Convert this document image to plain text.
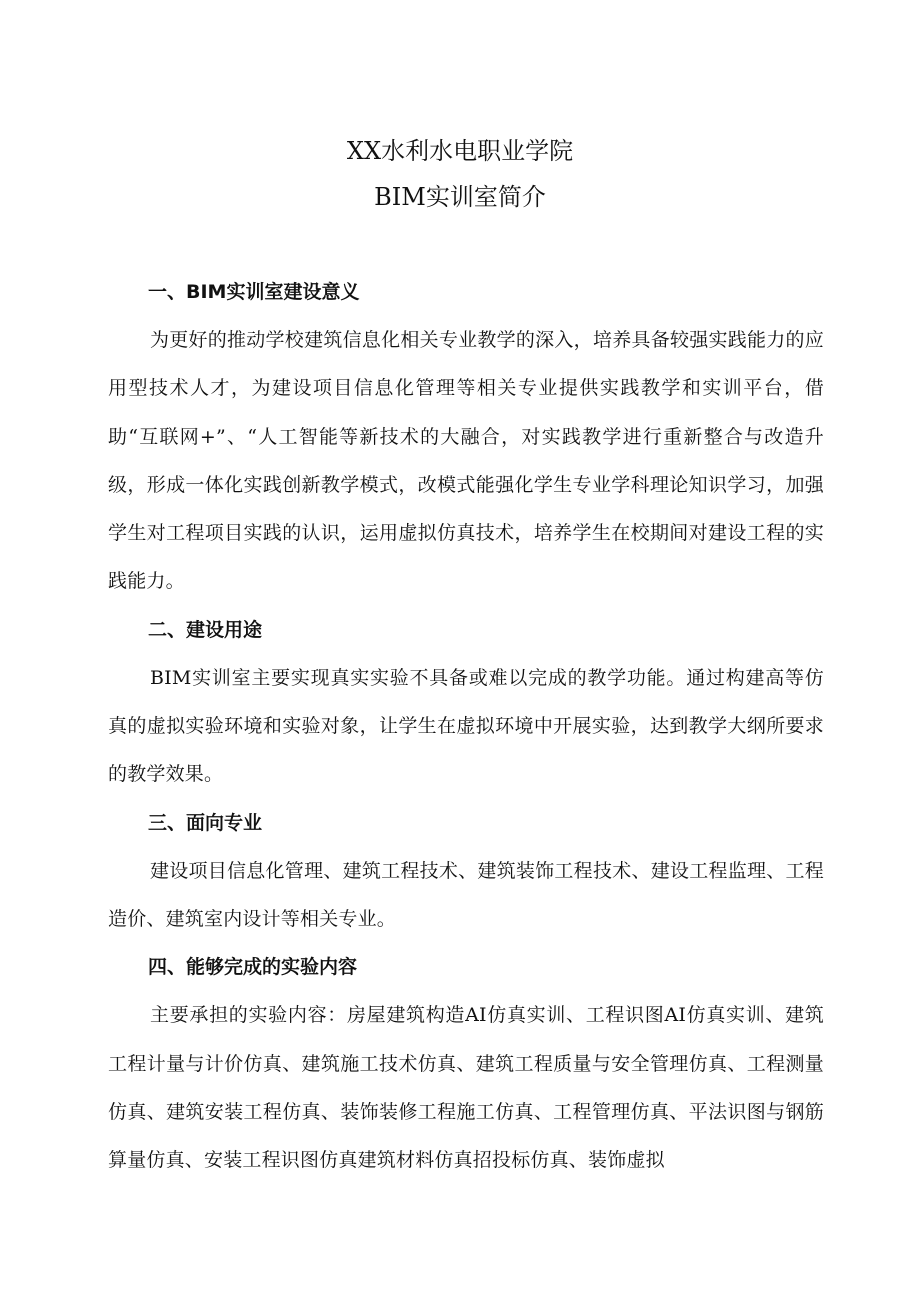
XX水利水电职业学院
BIM实训室简介
一、BIM实训室建设意义

为更好的推动学校建筑信息化相关专业教学的深入，培养具备较强实践能力的应用型技术人才，为建设项目信息化管理等相关专业提供实践教学和实训平台，借助“互联网+”、“人工智能等新技术的大融合，对实践教学进行重新整合与改造升级，形成一体化实践创新教学模式，改模式能强化学生专业学科理论知识学习，加强学生对工程项目实践的认识，运用虚拟仿真技术，培养学生在校期间对建设工程的实践能力。

二、建设用途

BIM实训室主要实现真实实验不具备或难以完成的教学功能。通过构建高等仿真的虚拟实验环境和实验对象，让学生在虚拟环境中开展实验，达到教学大纲所要求的教学效果。

三、面向专业

建设项目信息化管理、建筑工程技术、建筑装饰工程技术、建设工程监理、工程造价、建筑室内设计等相关专业。

四、能够完成的实验内容

主要承担的实验内容：房屋建筑构造AI仿真实训、工程识图AI仿真实训、建筑工程计量与计价仿真、建筑施工技术仿真、建筑工程质量与安全管理仿真、工程测量仿真、建筑安装工程仿真、装饰装修工程施工仿真、工程管理仿真、平法识图与钢筋算量仿真、安装工程识图仿真建筑材料仿真招投标仿真、装饰虚拟
